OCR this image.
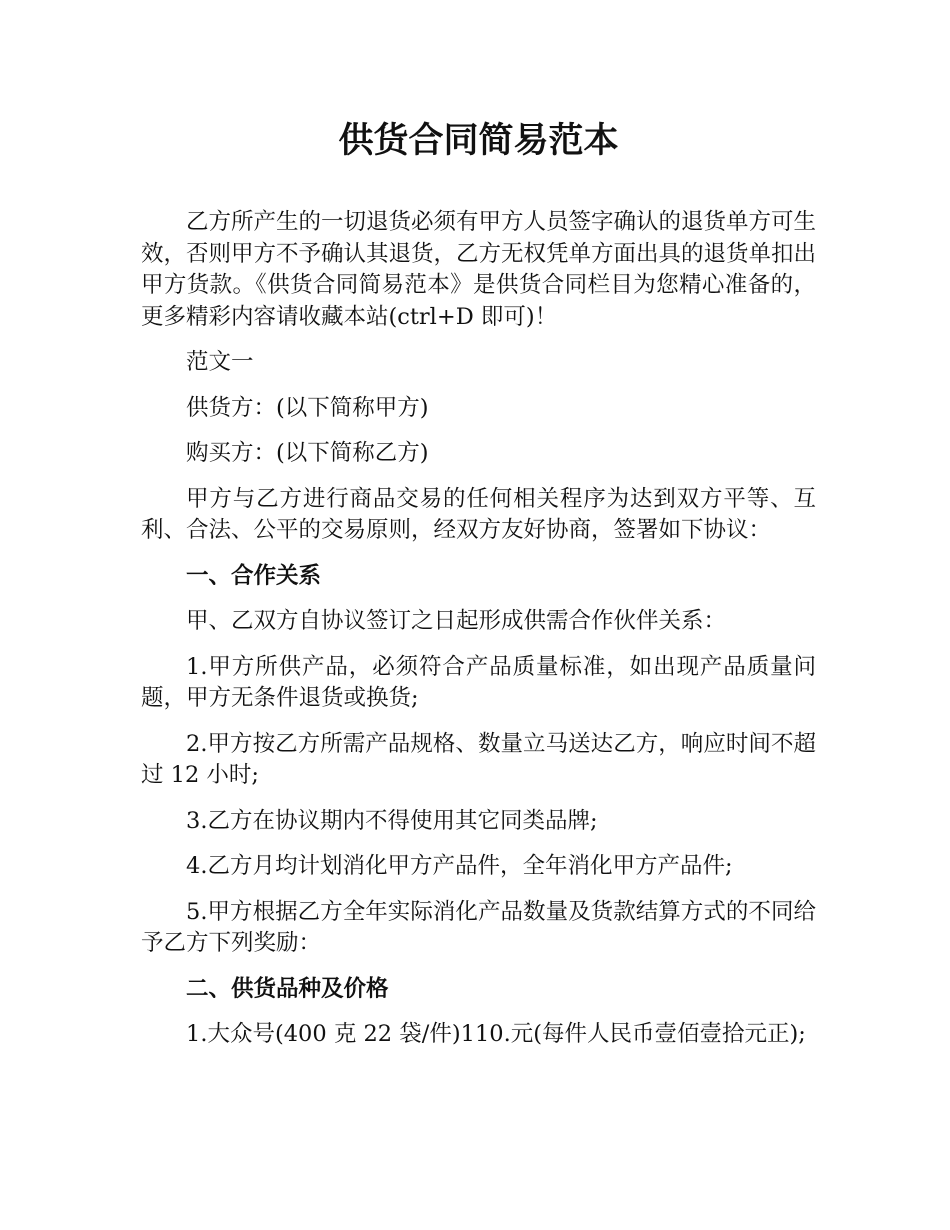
供货合同简易范本
乙方所产生的一切退货必须有甲方人员签字确认的退货单方可生效，否则甲方不予确认其退货，乙方无权凭单方面出具的退货单扣出甲方货款。《供货合同简易范本》是供货合同栏目为您精心准备的，更多精彩内容请收藏本站(ctrl+D 即可)！
范文一
供货方：(以下简称甲方)
购买方：(以下简称乙方)
甲方与乙方进行商品交易的任何相关程序为达到双方平等、互利、合法、公平的交易原则，经双方友好协商，签署如下协议：
一、合作关系
甲、乙双方自协议签订之日起形成供需合作伙伴关系：
1.甲方所供产品，必须符合产品质量标准，如出现产品质量问题，甲方无条件退货或换货;
2.甲方按乙方所需产品规格、数量立马送达乙方，响应时间不超过 12 小时;
3.乙方在协议期内不得使用其它同类品牌;
4.乙方月均计划消化甲方产品件，全年消化甲方产品件;
5.甲方根据乙方全年实际消化产品数量及货款结算方式的不同给予乙方下列奖励：
二、供货品种及价格
1.大众号(400 克 22 袋/件)110.元(每件人民币壹佰壹拾元正);
